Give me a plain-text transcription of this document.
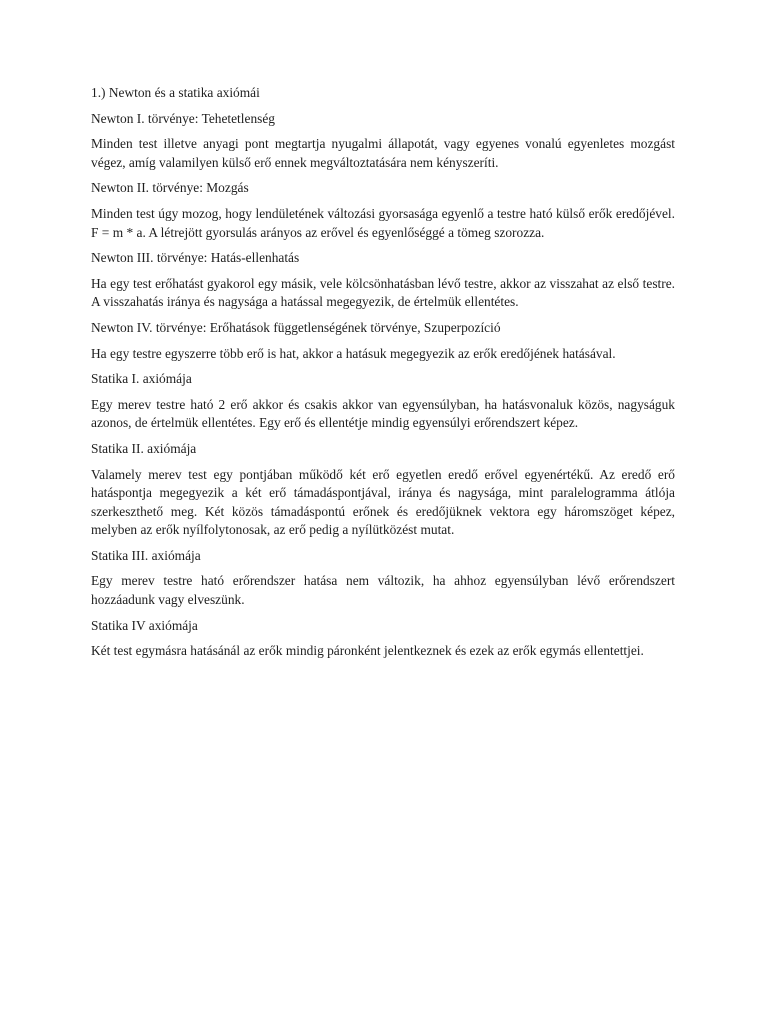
1.) Newton és a statika axiómái

Newton I. törvénye: Tehetetlenség

Minden test illetve anyagi pont megtartja nyugalmi állapotát, vagy egyenes vonalú egyenletes mozgást végez, amíg valamilyen külső erő ennek megváltoztatására nem kényszeríti.

Newton II. törvénye: Mozgás

Minden test úgy mozog, hogy lendületének változási gyorsasága egyenlő a testre ható külső erők eredőjével. F = m * a. A létrejött gyorsulás arányos az erővel és egyenlőséggé a tömeg szorozza.

Newton III. törvénye: Hatás-ellenhatás

Ha egy test erőhatást gyakorol egy másik, vele kölcsönhatásban lévő testre, akkor az visszahat az első testre. A visszahatás iránya és nagysága a hatással megegyezik, de értelmük ellentétes.

Newton IV. törvénye: Erőhatások függetlenségének törvénye, Szuperpozíció

Ha egy testre egyszerre több erő is hat, akkor a hatásuk megegyezik az erők eredőjének hatásával.

Statika I. axiómája

Egy merev testre ható 2 erő akkor és csakis akkor van egyensúlyban, ha hatásvonaluk közös, nagyságuk azonos, de értelmük ellentétes. Egy erő és ellentétje mindig egyensúlyi erőrendszert képez.

Statika II. axiómája

Valamely merev test egy pontjában működő két erő egyetlen eredő erővel egyenértékű. Az eredő erő hatáspontja megegyezik a két erő támadáspontjával, iránya és nagysága, mint paralelogramma átlója szerkeszthető meg. Két közös támadáspontú erőnek és eredőjüknek vektora egy háromszöget képez, melyben az erők nyílfolytonosak, az erő pedig a nyílütközést mutat.

Statika III. axiómája

Egy merev testre ható erőrendszer hatása nem változik, ha ahhoz egyensúlyban lévő erőrendszert hozzáadunk vagy elveszünk.

Statika IV axiómája

Két test egymásra hatásánál az erők mindig páronként jelentkeznek és ezek az erők egymás ellentettjei.
